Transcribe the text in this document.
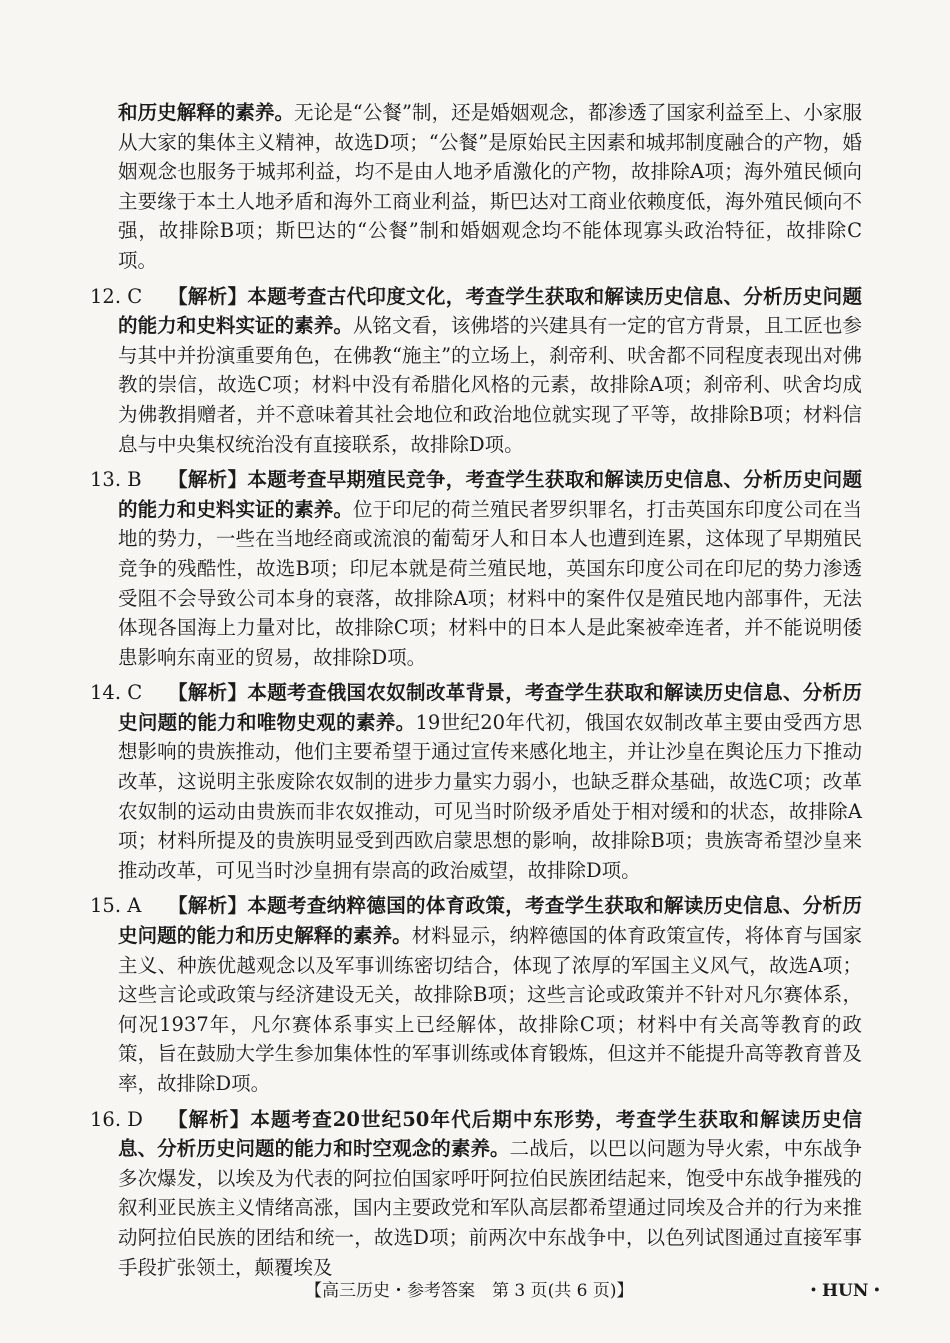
和历史解释的素养。无论是“公餐”制，还是婚姻观念，都渗透了国家利益至上、小家服从大家的集体主义精神，故选D项；“公餐”是原始民主因素和城邦制度融合的产物，婚姻观念也服务于城邦利益，均不是由人地矛盾激化的产物，故排除A项；海外殖民倾向主要缘于本土人地矛盾和海外工商业利益，斯巴达对工商业依赖度低，海外殖民倾向不强，故排除B项；斯巴达的“公餐”制和婚姻观念均不能体现寡头政治特征，故排除C项。

12. C	【解析】本题考查古代印度文化，考查学生获取和解读历史信息、分析历史问题的能力和史料实证的素养。从铭文看，该佛塔的兴建具有一定的官方背景，且工匠也参与其中并扮演重要角色，在佛教“施主”的立场上，刹帝利、吠舍都不同程度表现出对佛教的崇信，故选C项；材料中没有希腊化风格的元素，故排除A项；刹帝利、吠舍均成为佛教捐赠者，并不意味着其社会地位和政治地位就实现了平等，故排除B项；材料信息与中央集权统治没有直接联系，故排除D项。
13. B	【解析】本题考查早期殖民竞争，考查学生获取和解读历史信息、分析历史问题的能力和史料实证的素养。位于印尼的荷兰殖民者罗织罪名，打击英国东印度公司在当地的势力，一些在当地经商或流浪的葡萄牙人和日本人也遭到连累，这体现了早期殖民竞争的残酷性，故选B项；印尼本就是荷兰殖民地，英国东印度公司在印尼的势力渗透受阻不会导致公司本身的衰落，故排除A项；材料中的案件仅是殖民地内部事件，无法体现各国海上力量对比，故排除C项；材料中的日本人是此案被牵连者，并不能说明倭患影响东南亚的贸易，故排除D项。
14. C	【解析】本题考查俄国农奴制改革背景，考查学生获取和解读历史信息、分析历史问题的能力和唯物史观的素养。19世纪20年代初，俄国农奴制改革主要由受西方思想影响的贵族推动，他们主要希望于通过宣传来感化地主，并让沙皇在舆论压力下推动改革，这说明主张废除农奴制的进步力量实力弱小，也缺乏群众基础，故选C项；改革农奴制的运动由贵族而非农奴推动，可见当时阶级矛盾处于相对缓和的状态，故排除A项；材料所提及的贵族明显受到西欧启蒙思想的影响，故排除B项；贵族寄希望沙皇来推动改革，可见当时沙皇拥有崇高的政治威望，故排除D项。
15. A	【解析】本题考查纳粹德国的体育政策，考查学生获取和解读历史信息、分析历史问题的能力和历史解释的素养。材料显示，纳粹德国的体育政策宣传，将体育与国家主义、种族优越观念以及军事训练密切结合，体现了浓厚的军国主义风气，故选A项；这些言论或政策与经济建设无关，故排除B项；这些言论或政策并不针对凡尔赛体系，何况1937年，凡尔赛体系事实上已经解体，故排除C项；材料中有关高等教育的政策，旨在鼓励大学生参加集体性的军事训练或体育锻炼，但这并不能提升高等教育普及率，故排除D项。
16. D	【解析】本题考查20世纪50年代后期中东形势，考查学生获取和解读历史信息、分析历史问题的能力和时空观念的素养。二战后，以巴以问题为导火索，中东战争多次爆发，以埃及为代表的阿拉伯国家呼吁阿拉伯民族团结起来，饱受中东战争摧残的叙利亚民族主义情绪高涨，国内主要政党和军队高层都希望通过同埃及合并的行为来推动阿拉伯民族的团结和统一，故选D项；前两次中东战争中，以色列试图通过直接军事手段扩张领土，颠覆埃及
【高三历史・参考答案　第 3 页(共 6 页)】	・HUN・
